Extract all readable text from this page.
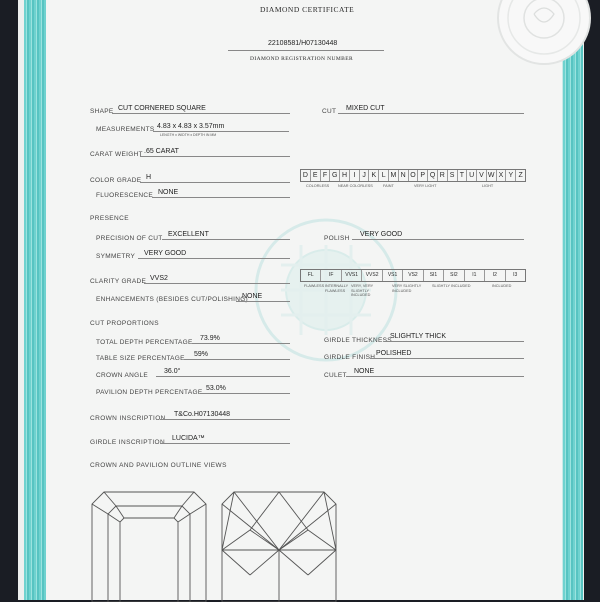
DIAMOND CERTIFICATE
22108581/H07130448
DIAMOND REGISTRATION NUMBER
SHAPE CUT CORNERED SQUARE	CUT MIXED CUT
MEASUREMENTS 4.83 x 4.83 x 3.57mm
LENGTH x WIDTH x DEPTH IN MM
CARAT WEIGHT .65 CARAT
COLOR GRADE H	D E F G H I	J K L M N O P Q R S T U V W X Y Z
COLORLESS NEAR COLORLESS	FAINT	VERY LIGHT	LIGHT
FLUORESCENCE NONE
PRESENCE
PRECISION OF CUT
EXCELLENT
POLISH
VERY GOOD
SYMMETRY VERY GOOD
CLARITY GRADE VVS2	FL	IF	VVS1	VVS2	VS1	VS2	SI1	SI2	I1	I2	I3
FLAWLESS INTERNALLY FLAWLESS
VERY, VERY SLIGHTLY INCLUDED
VERY SLIGHTLY INCLUDED
SLIGHTLY INCLUDED	INCLUDED
ENHANCEMENTS (BESIDES CUT/POLISHING)
NONE
CUT PROPORTIONS
TOTAL DEPTH PERCENTAGE
73.9%
TABLE SIZE PERCENTAGE
59%
CROWN ANGLE
36.0°
PAVILION DEPTH PERCENTAGE
53.0%
GIRDLE THICKNESS
SLIGHTLY THICK
GIRDLE FINISH
POLISHED
CULET
NONE
CROWN INSCRIPTION
T&Co.H07130448
GIRDLE INSCRIPTION
LUCIDA™
CROWN AND PAVILION OUTLINE VIEWS
